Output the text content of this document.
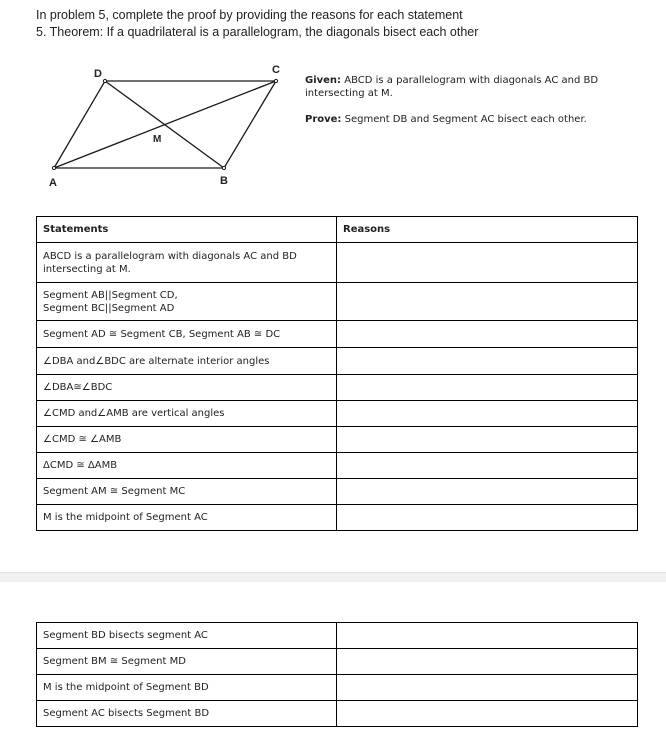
In problem 5, complete the proof by providing the reasons for each statement
5. Theorem: If a quadrilateral is a parallelogram, the diagonals bisect each other
A	B
C
D
M
Given: ABCD is a parallelogram with diagonals AC and BD intersecting at M.
Prove: Segment DB and Segment AC bisect each other.
Statements	Reasons

ABCD is a parallelogram with diagonals AC and BD
intersecting at M.	

Segment AB||Segment CD,
Segment BC||Segment AD	

Segment AD ≅ Segment CB, Segment AB ≅ DC	
∠DBA and∠BDC are alternate interior angles	
∠DBA≅∠BDC	
∠CMD and∠AMB are vertical angles	
∠CMD ≅ ∠AMB	
ΔCMD ≅ ΔAMB	
Segment AM ≅ Segment MC	
M is the midpoint of Segment AC	
Segment BD bisects segment AC	
Segment BM ≅ Segment MD	
M is the midpoint of Segment BD	
Segment AC bisects Segment BD	
